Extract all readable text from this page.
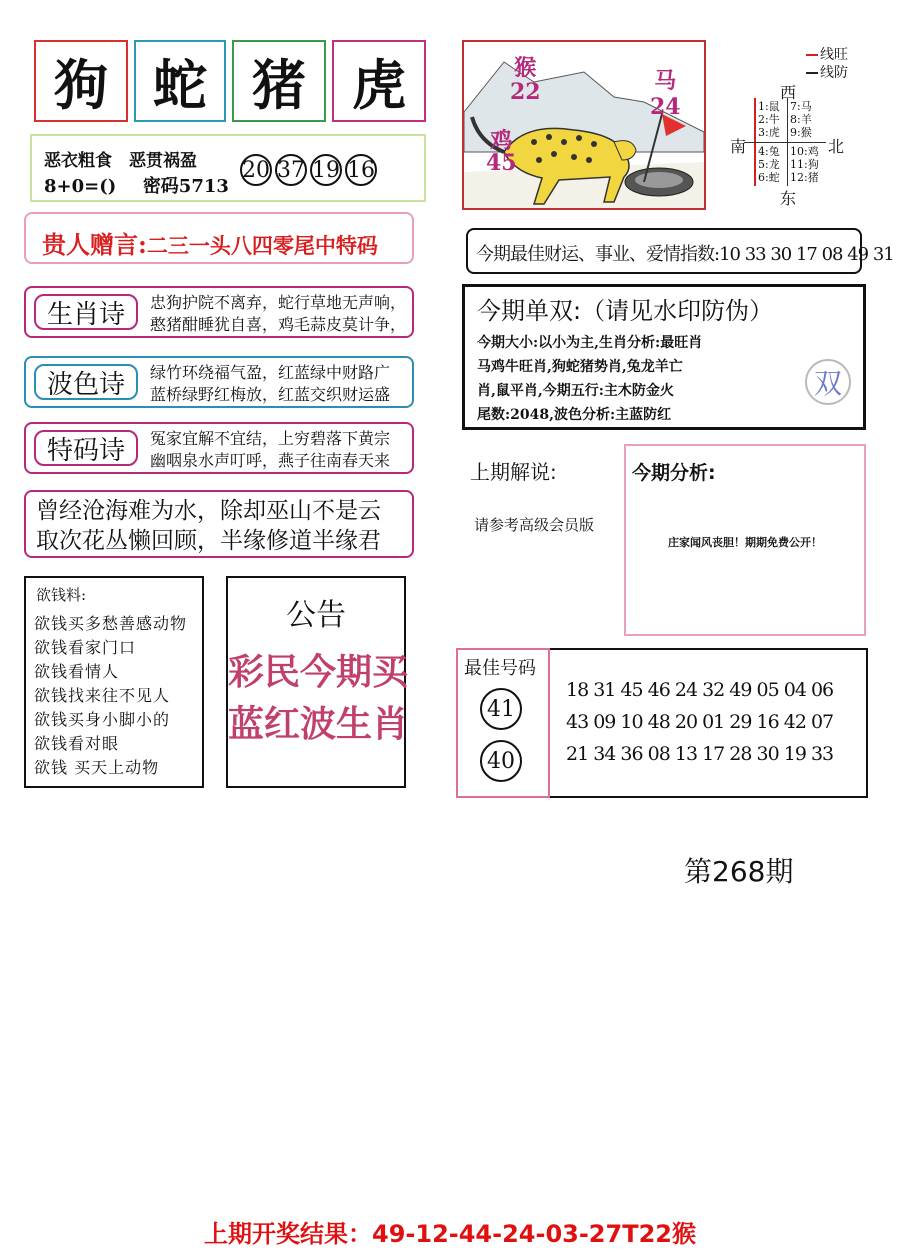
狗 蛇 猪 虎
恶衣粗食　恶贯祸盈
8+0=() 密码5713
20 37 19 16
贵人赠言:二三一头八四零尾中特码
生肖诗	忠狗护院不离弃，蛇行草地无声响，
憨猪酣睡犹自喜，鸡毛蒜皮莫计争，
波色诗	绿竹环绕福气盈，红蓝绿中财路广
蓝桥绿野红梅放，红蓝交织财运盛
特码诗	冤家宜解不宜结，上穷碧落下黄宗
幽咽泉水声叮呼，燕子往南春天来
曾经沧海难为水，除却巫山不是云
取次花丛懒回顾，半缘修道半缘君
欲钱料:
欲钱买多愁善感动物
欲钱看家门口
欲钱看情人
欲钱找来往不见人
欲钱买身小脚小的
欲钱看对眼
欲钱 买天上动物
公告
彩民今期买
蓝红波生肖
猴
22	马
24
鸡
45
线旺
线防
西
南	北
东
1:鼠
2:牛
3:虎
7:马
8:羊
9:猴
4:兔
5:龙
6:蛇
10:鸡
11:狗
12:猪
今期最佳财运、事业、爱情指数:10 33 30 17 08 49 31
今期单双:（请见水印防伪）
双
今期大小:以小为主,生肖分析:最旺肖
马鸡牛旺肖,狗蛇猪势肖,兔龙羊亡
肖,鼠平肖,今期五行:主木防金火
尾数:2048,波色分析:主蓝防红
上期解说:
请参考高级会员版
今期分析:
庄家闻风丧胆！期期免费公开！
最佳号码
41
40
18 31 45 46 24 32 49 05 04 06
43 09 10 48 20 01 29 16 42 07
21 34 36 08 13 17 28 30 19 33
第268期
上期开奖结果：49-12-44-24-03-27T22猴
